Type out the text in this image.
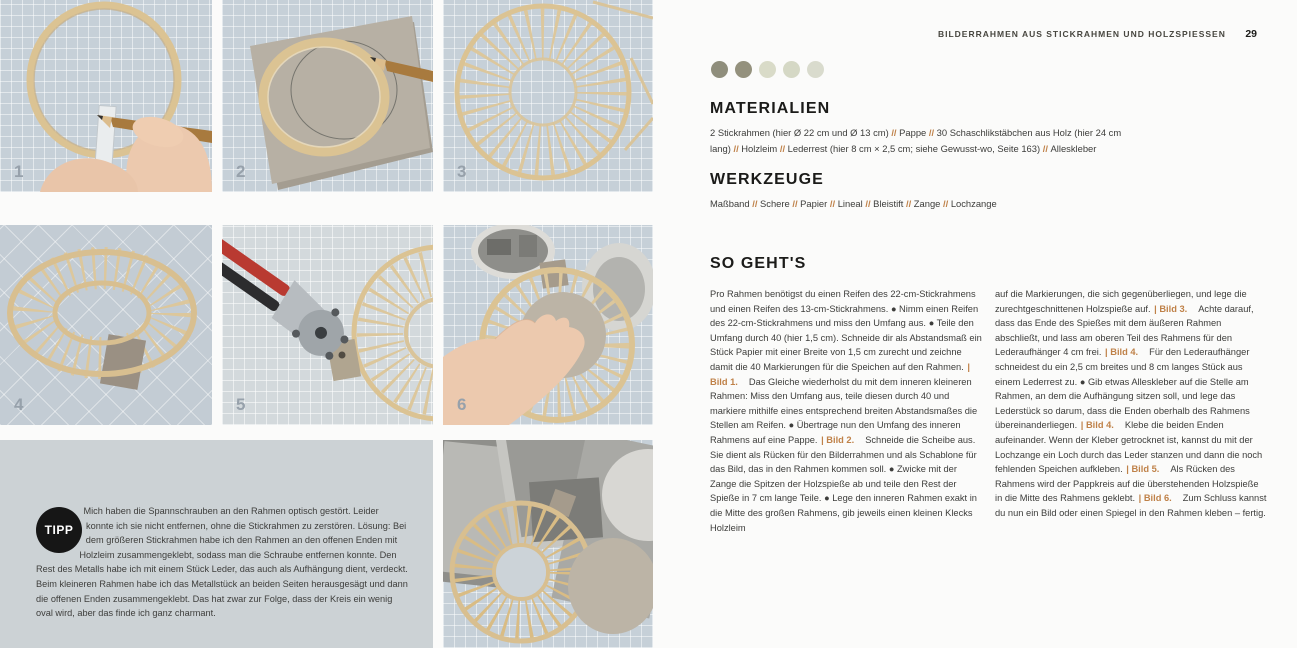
1	2	3
4	5	6
TIPP
Mich haben die Spannschrauben an den Rahmen optisch gestört. Leider konnte ich sie nicht entfernen, ohne die Stickrahmen zu zerstören. Lösung: Bei dem größeren Stickrahmen habe ich den Rahmen an den offenen Enden mit Holzleim zusammengeklebt, sodass man die Schraube entfernen konnte. Den Rest des Metalls habe ich mit einem Stück Leder, das auch als Aufhängung dient, verdeckt. Beim kleineren Rahmen habe ich das Metallstück an beiden Seiten herausgesägt und dann die offenen Enden zusammengeklebt. Das hat zwar zur Folge, dass der Kreis ein wenig oval wird, aber das finde ich ganz charmant.
BILDERRAHMEN AUS STICKRAHMEN UND HOLZSPIESSEN 29
MATERIALIEN
2 Stickrahmen (hier Ø 22 cm und Ø 13 cm) // Pappe // 30 Schaschlikstäbchen aus Holz (hier 24 cm lang) // Holzleim // Lederrest (hier 8 cm × 2,5 cm; siehe Gewusst-wo, Seite 163) // Alleskleber
WERKZEUGE
Maßband // Schere // Papier // Lineal // Bleistift // Zange // Lochzange
SO GEHT'S
Pro Rahmen benötigst du einen Reifen des 22-cm-Stickrahmens und einen Reifen des 13-cm-Stickrahmens. ● Nimm einen Reifen des 22-cm-Stickrahmens und miss den Umfang aus. ● Teile den Umfang durch 40 (hier 1,5 cm). Schneide dir als Abstandsmaß ein Stück Papier mit einer Breite von 1,5 cm zurecht und zeichne damit die 40 Markierungen für die Speichen auf den Rahmen. | Bild 1. Das Gleiche wiederholst du mit dem inneren kleineren Rahmen: Miss den Umfang aus, teile diesen durch 40 und markiere mithilfe eines entsprechend breiten Abstandsmaßes die Stellen am Reifen. ● Übertrage nun den Umfang des inneren Rahmens auf eine Pappe. | Bild 2. Schneide die Scheibe aus. Sie dient als Rücken für den Bilderrahmen und als Schablone für das Bild, das in den Rahmen kommen soll. ● Zwicke mit der Zange die Spitzen der Holzspieße ab und teile den Rest der Spieße in 7 cm lange Teile. ● Lege den inneren Rahmen exakt in die Mitte des großen Rahmens, gib jeweils einen kleinen Klecks Holzleim
auf die Markierungen, die sich gegenüberliegen, und lege die zurechtgeschnittenen Holzspieße auf. | Bild 3. Achte darauf, dass das Ende des Spießes mit dem äußeren Rahmen abschließt, und lass am oberen Teil des Rahmens für den Lederaufhänger 4 cm frei. | Bild 4. Für den Lederaufhänger schneidest du ein 2,5 cm breites und 8 cm langes Stück aus einem Lederrest zu. ● Gib etwas Alleskleber auf die Stelle am Rahmen, an dem die Aufhängung sitzen soll, und lege das Lederstück so darum, dass die Enden oberhalb des Rahmens übereinanderliegen. | Bild 4. Klebe die beiden Enden aufeinander. Wenn der Kleber getrocknet ist, kannst du mit der Lochzange ein Loch durch das Leder stanzen und dann die noch fehlenden Speichen aufkleben. | Bild 5. Als Rücken des Rahmens wird der Pappkreis auf die überstehenden Holzspieße in die Mitte des Rahmens geklebt. | Bild 6. Zum Schluss kannst du nun ein Bild oder einen Spiegel in den Rahmen kleben – fertig.
